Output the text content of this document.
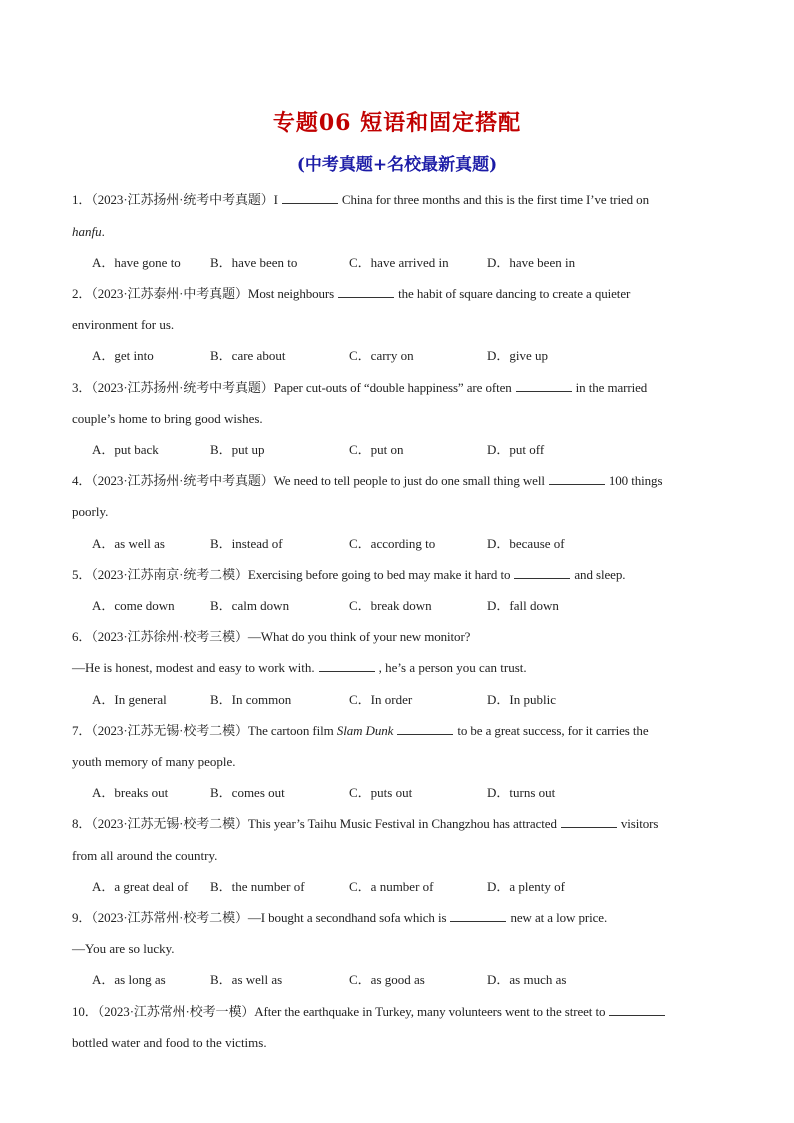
专题06 短语和固定搭配
(中考真题+名校最新真题)
1．（2023·江苏扬州·统考中考真题）I	China for three months and this is the first time I’ve tried on
hanfu.
A．have gone to B．have been to	C．have arrived in	D．have been in
2．（2023·江苏泰州·中考真题）Most neighbours	the habit of square dancing to create a quieter
environment for us.
A．get into	B．care about	C．carry on	D．give up
3．（2023·江苏扬州·统考中考真题）Paper cut-outs of “double happiness” are often	in the married
couple’s home to bring good wishes.
A．put back	B．put up	C．put on	D．put off
4．（2023·江苏扬州·统考中考真题）We need to tell people to just do one small thing well	100 things
poorly.
A．as well as	B．instead of	C．according to	D．because of
5．（2023·江苏南京·统考二模）Exercising before going to bed may make it hard to	and sleep.
A．come down	B．calm down	C．break down	D．fall down
6．（2023·江苏徐州·校考三模）—What do you think of your new monitor?
—He is honest, modest and easy to work with.	, he’s a person you can trust.
A．In general	B．In common	C．In order	D．In public
7．（2023·江苏无锡·校考二模）The cartoon film Slam Dunk	to be a great success, for it carries the
youth memory of many people.
A．breaks out	B．comes out	C．puts out	D．turns out
8．（2023·江苏无锡·校考二模）This year’s Taihu Music Festival in Changzhou has attracted	visitors
from all around the country.
A．a great deal of B．the number of	C．a number of	D．a plenty of
9．（2023·江苏常州·校考二模）—I bought a secondhand sofa which is	new at a low price.
—You are so lucky.
A．as long as	B．as well as	C．as good as	D．as much as
10．（2023·江苏常州·校考一模）After the earthquake in Turkey, many volunteers went to the street to
bottled water and food to the victims.
